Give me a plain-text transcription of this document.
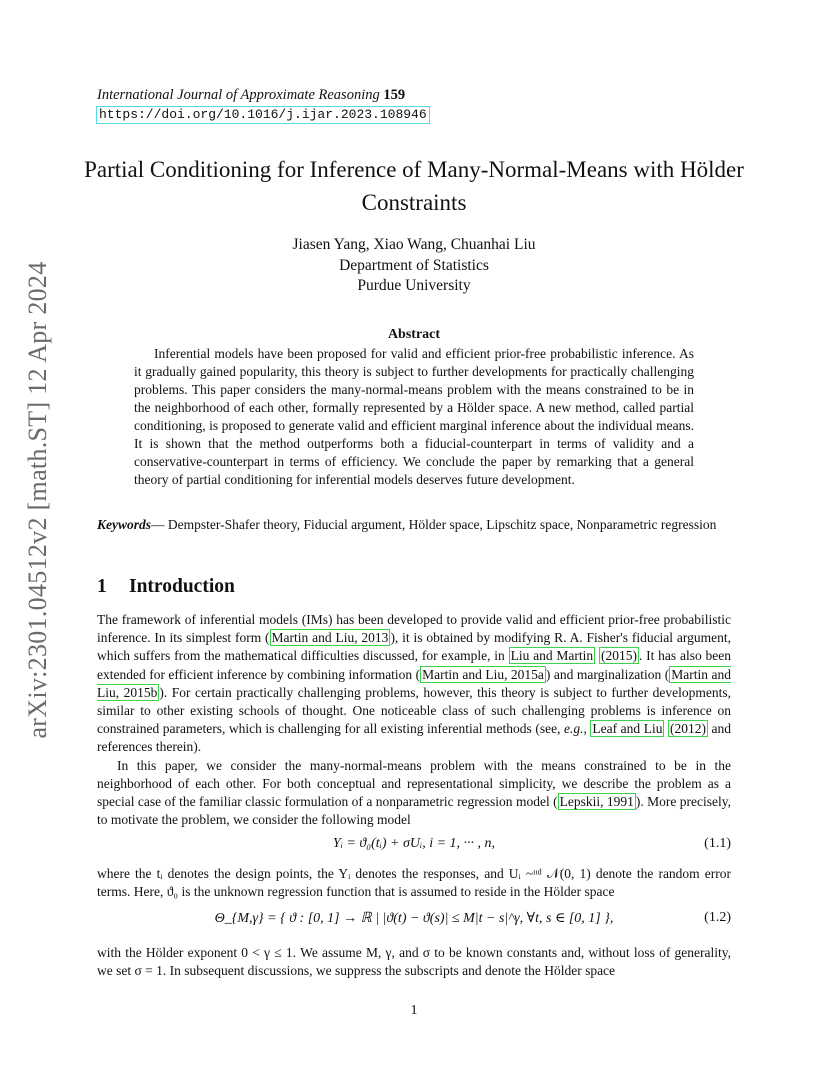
International Journal of Approximate Reasoning 159
https://doi.org/10.1016/j.ijar.2023.108946
Partial Conditioning for Inference of Many-Normal-Means with Hölder Constraints
Jiasen Yang, Xiao Wang, Chuanhai Liu
Department of Statistics
Purdue University
arXiv:2301.04512v2 [math.ST] 12 Apr 2024	Abstract

Inferential models have been proposed for valid and efficient prior-free probabilistic inference. As it gradually gained popularity, this theory is subject to further developments for practically challenging problems. This paper considers the many-normal-means problem with the means constrained to be in the neighborhood of each other, formally represented by a Hölder space. A new method, called partial conditioning, is proposed to generate valid and efficient marginal inference about the individual means. It is shown that the method outperforms both a fiducial-counterpart in terms of validity and a conservative-counterpart in terms of efficiency. We conclude the paper by remarking that a general theory of partial conditioning for inferential models deserves future development.

Keywords— Dempster-Shafer theory, Fiducial argument, Hölder space, Lipschitz space, Nonparametric regression
1 Introduction

The framework of inferential models (IMs) has been developed to provide valid and efficient prior-free probabilistic inference. In its simplest form ( Martin and Liu, 2013 ), it is obtained by modifying R. A. Fisher's fiducial argument, which suffers from the mathematical difficulties discussed, for example, in Liu and Martin (2015) . It has also been extended for efficient inference by combining information ( Martin and Liu, 2015a ) and marginalization ( Martin and Liu, 2015b ). For certain practically challenging problems, however, this theory is subject to further developments, similar to other existing schools of thought. One noticeable class of such challenging problems is inference on constrained parameters, which is challenging for all existing inferential methods (see, e.g., Leaf and Liu (2012) and references therein).

In this paper, we consider the many-normal-means problem with the means constrained to be in the neighborhood of each other. For both conceptual and representational simplicity, we describe the problem as a special case of the familiar classic formulation of a nonparametric regression model ( Lepskii, 1991 ). More precisely, to motivate the problem, we consider the following model

Yᵢ = ϑ₀(tᵢ) + σUᵢ, i = 1, ··· , n,	(1.1)

where the tᵢ denotes the design points, the Yᵢ denotes the responses, and Uᵢ ~ᶦᶦᵈ 𝒩(0, 1) denote the random error terms. Here, ϑ₀ is the unknown regression function that is assumed to reside in the Hölder space

Θ_{M,γ} = { ϑ : [0, 1] → ℝ | |ϑ(t) − ϑ(s)| ≤ M|t − s|^γ, ∀t, s ∈ [0, 1] },	(1.2)

with the Hölder exponent 0 < γ ≤ 1. We assume M, γ, and σ to be known constants and, without loss of generality, we set σ = 1. In subsequent discussions, we suppress the subscripts and denote the Hölder space

1
